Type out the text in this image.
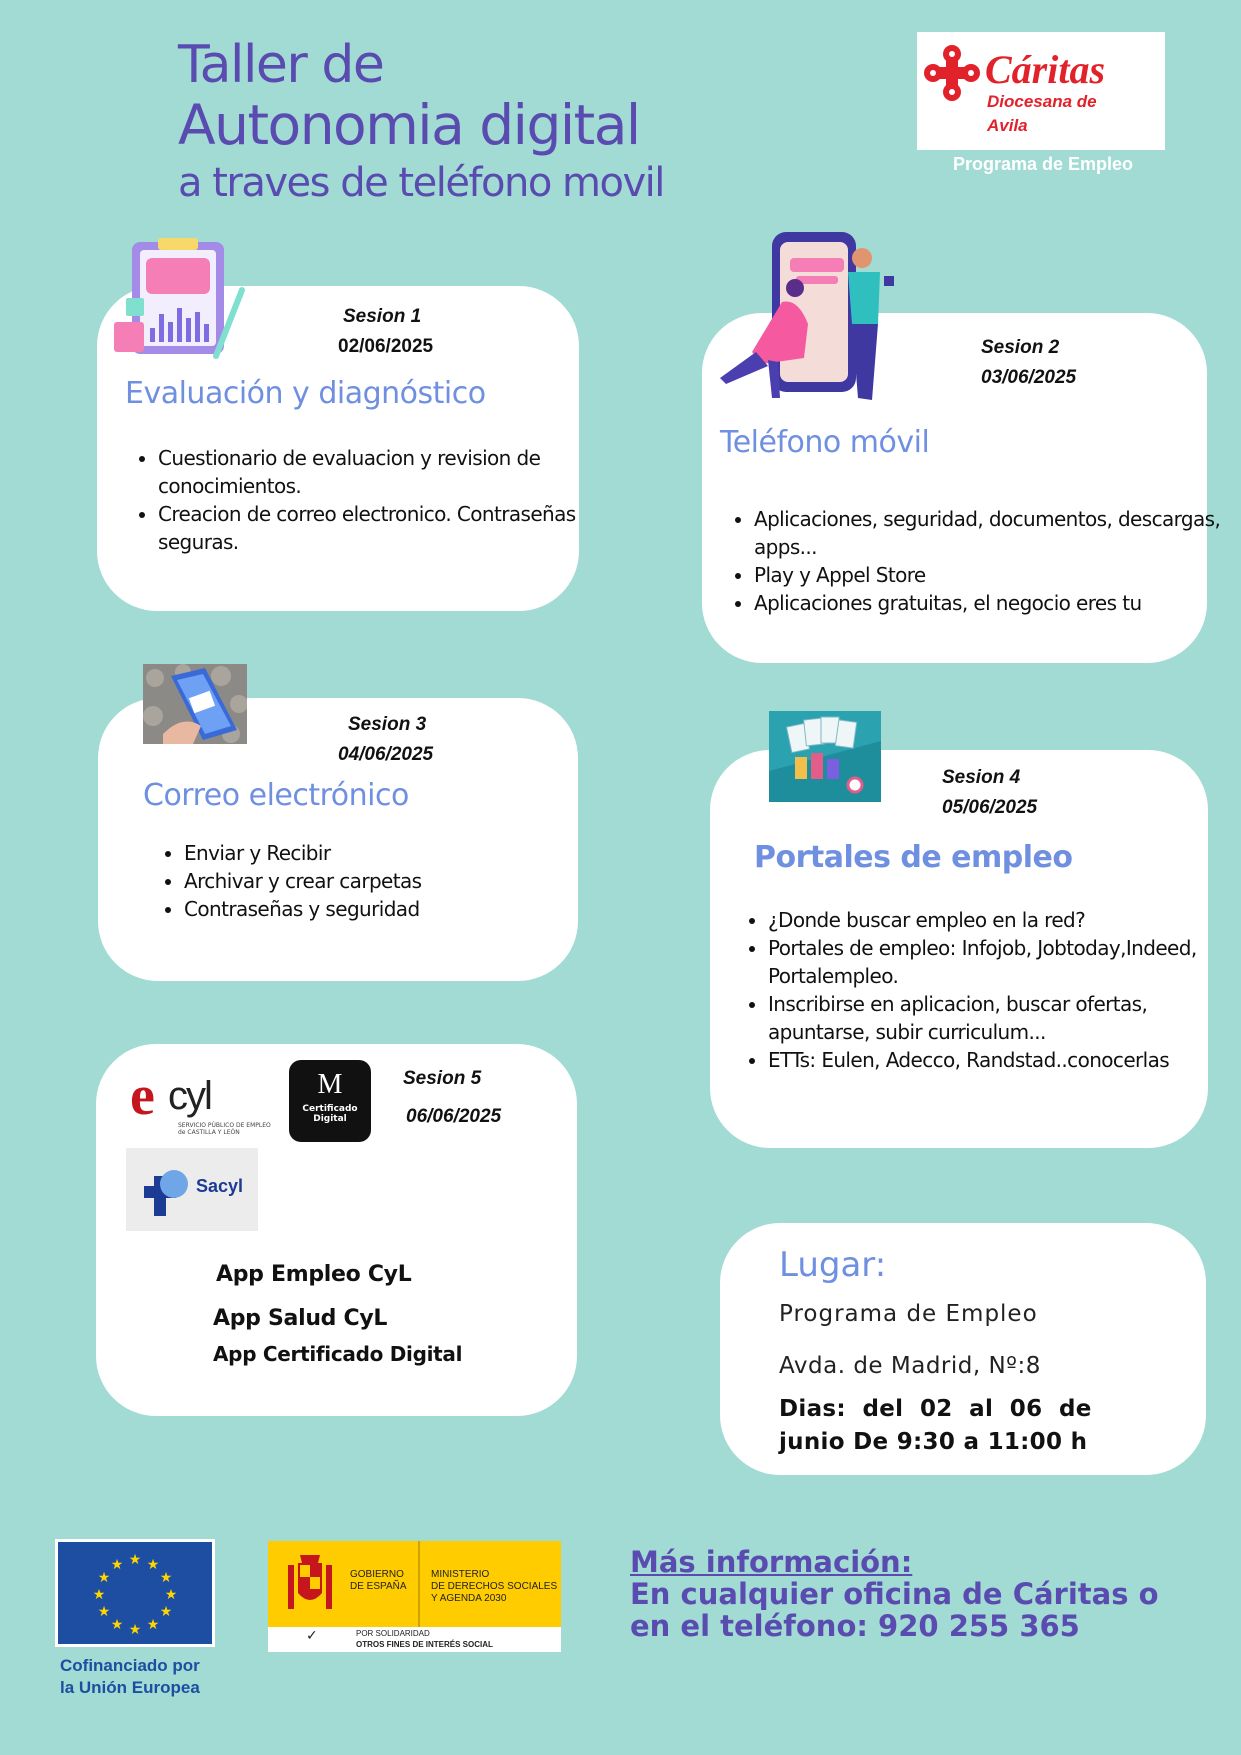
Taller de
Autonomia digital
a traves de teléfono movil
Cáritas
Diocesana de
Avila
Programa de Empleo
Sesion 1
02/06/2025
Evaluación y diagnóstico
• Cuestionario de evaluacion y revision de conocimientos.
• Creacion de correo electronico. Contraseñas seguras.
Sesion 2
03/06/2025
Teléfono móvil
• Aplicaciones, seguridad, documentos, descargas, apps...
• Play y Appel Store
• Aplicaciones gratuitas, el negocio eres tu
Sesion 3
04/06/2025
Correo electrónico
• Enviar y Recibir
• Archivar y crear carpetas
• Contraseñas y seguridad
Sesion 4
05/06/2025
Portales de empleo
• ¿Donde buscar empleo en la red?
• Portales de empleo: Infojob, Jobtoday,Indeed, Portalempleo.
• Inscribirse en aplicacion, buscar ofertas, apuntarse, subir curriculum...
• ETTs: Eulen, Adecco, Randstad..conocerlas
Sesion 5
06/06/2025
e cyl
SERVICIO PÚBLICO DE EMPLEO
de CASTILLA Y LEÓN
M
Certificado
Digital
Sacyl
App Empleo CyL
App Salud CyL
App Certificado Digital
Lugar:
Programa de Empleo
Avda. de Madrid, Nº:8
Dias:  del  02  al  06  de
junio De 9:30 a 11:00 h
★ ★
★
★
★
★
★
★
★
★
★
★
Cofinanciado por
la Unión Europea
GOBIERNO
DE ESPAÑA
MINISTERIO
DE DERECHOS SOCIALES
Y AGENDA 2030
✓	POR SOLIDARIDAD
OTROS FINES DE INTERÉS SOCIAL
Más información:
En cualquier oficina de Cáritas o
en el teléfono: 920 255 365
